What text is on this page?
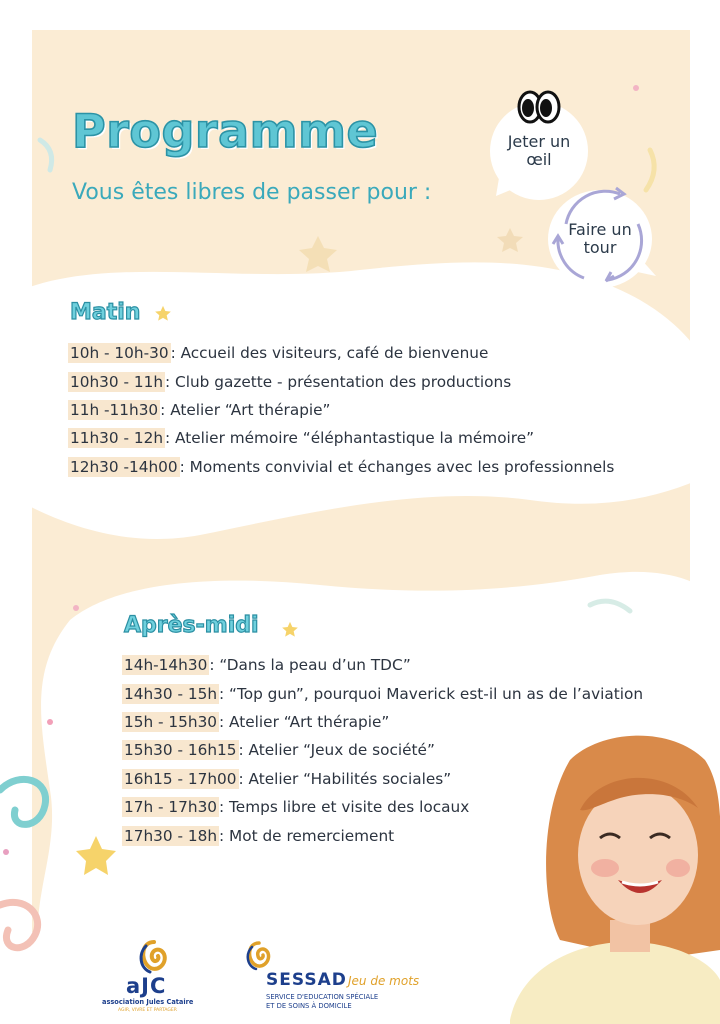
Programme
Vous êtes libres de passer pour :
Jeter un œil
Faire un tour
Matin
10h - 10h-30 : Accueil des visiteurs, café de bienvenue
10h30 - 11h : Club gazette - présentation des productions
11h -11h30 : Atelier “Art thérapie”
11h30 - 12h : Atelier mémoire “éléphantastique la mémoire”
12h30 -14h00 : Moments convivial et échanges avec les professionnels
Après-midi
14h-14h30 : “Dans la peau d’un TDC”
14h30 - 15h : “Top gun”, pourquoi Maverick est-il un as de l’aviation
15h - 15h30 : Atelier “Art thérapie”
15h30 - 16h15 : Atelier “Jeux de société”
16h15 - 17h00 : Atelier “Habilités sociales”
17h - 17h30 : Temps libre et visite des locaux
17h30 - 18h : Mot de remerciement
aJC
association Jules Cataire
AGIR, VIVRE ET PARTAGER
SESSAD Jeu de mots
SERVICE D'EDUCATION SPÉCIALE
ET DE SOINS À DOMICILE
